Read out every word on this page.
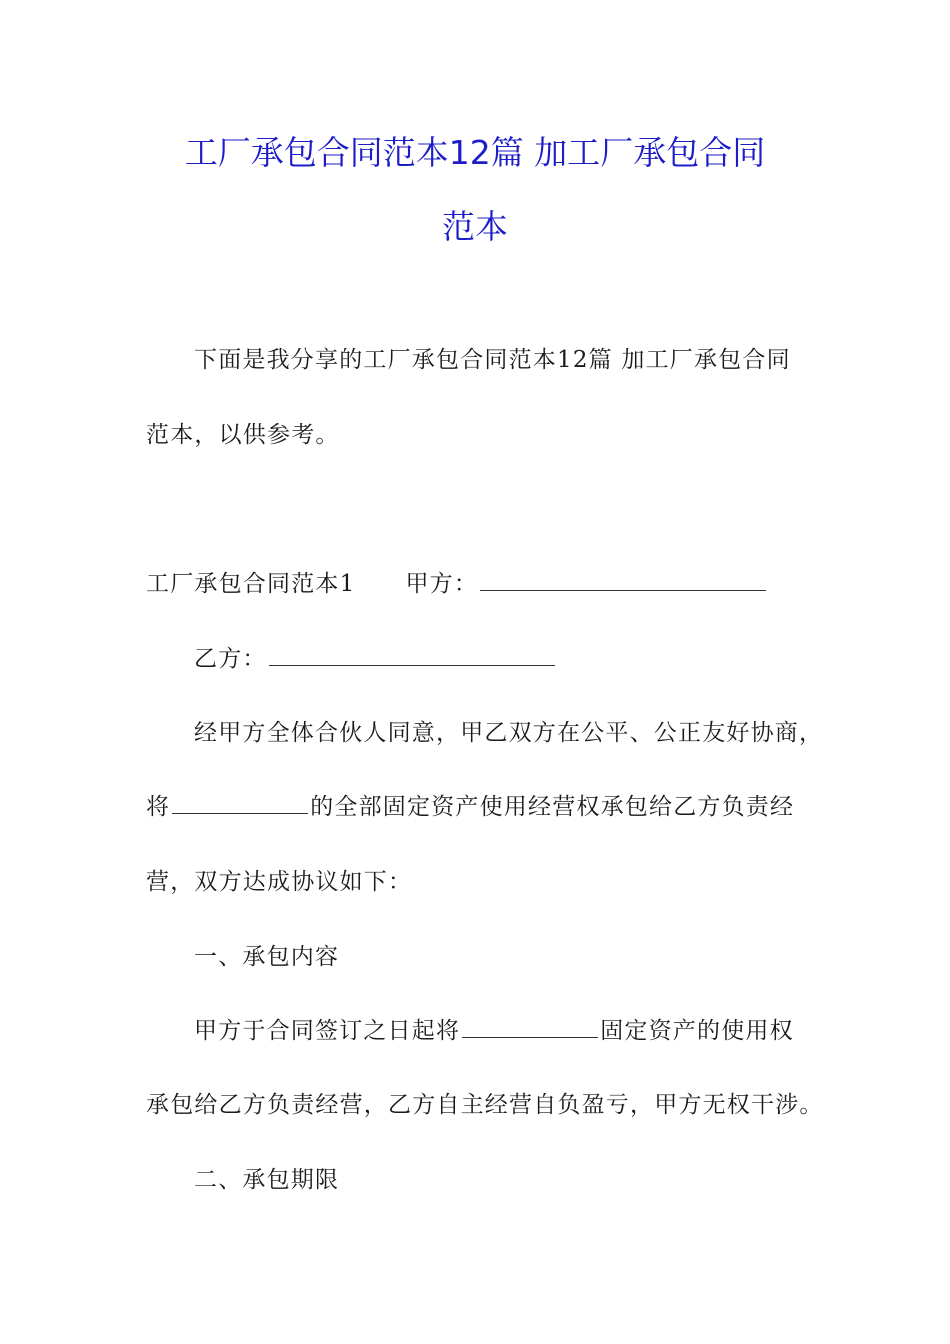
工厂承包合同范本12篇 加工厂承包合同
范本
下面是我分享的工厂承包合同范本12篇 加工厂承包合同
范本，以供参考。
工厂承包合同范本1 甲方：
乙方：
经甲方全体合伙人同意，甲乙双方在公平、公正友好协商，
将	的全部固定资产使用经营权承包给乙方负责经
营，双方达成协议如下：
一、承包内容
甲方于合同签订之日起将	固定资产的使用权
承包给乙方负责经营，乙方自主经营自负盈亏，甲方无权干涉。
二、承包期限
